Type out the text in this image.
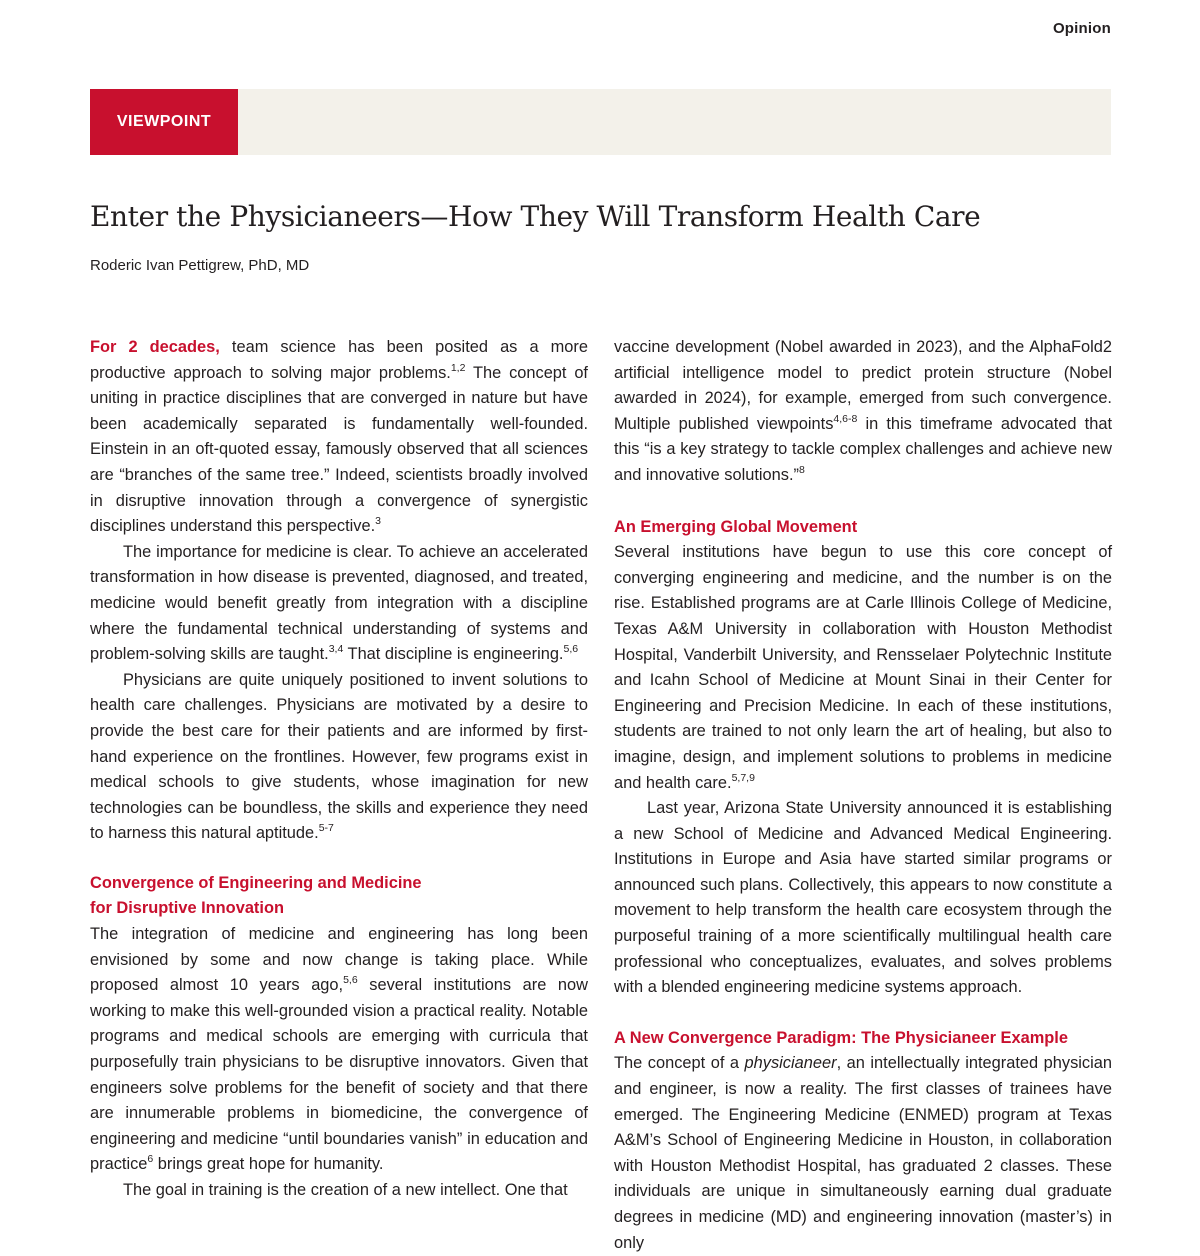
Opinion
VIEWPOINT
Enter the Physicianeers—How They Will Transform Health Care
Roderic Ivan Pettigrew, PhD, MD

For 2 decades, team science has been posited as a more productive approach to solving major problems.$^{1,2}$ The concept of uniting in practice disciplines that are converged in nature but have been academically separated is fundamentally well-founded. Einstein in an oft-quoted essay, famously observed that all sciences are “branches of the same tree.” Indeed, scientists broadly involved in disruptive innovation through a convergence of synergistic disciplines understand this perspective.$^3$

The importance for medicine is clear. To achieve an accelerated transformation in how disease is prevented, diagnosed, and treated, medicine would benefit greatly from integration with a discipline where the fundamental technical understanding of systems and problem-solving skills are taught.$^{3,4}$ That discipline is engineering.$^{5,6}$

Physicians are quite uniquely positioned to invent solutions to health care challenges. Physicians are motivated by a desire to provide the best care for their patients and are informed by first-hand experience on the frontlines. However, few programs exist in medical schools to give students, whose imagination for new technologies can be boundless, the skills and experience they need to harness this natural aptitude.$^{5-7}$

Convergence of Engineering and Medicine
for Disruptive Innovation

The integration of medicine and engineering has long been envisioned by some and now change is taking place. While proposed almost 10 years ago,$^{5,6}$ several institutions are now working to make this well-grounded vision a practical reality. Notable programs and medical schools are emerging with curricula that purposefully train physicians to be disruptive innovators. Given that engineers solve problems for the benefit of society and that there are innumerable problems in biomedicine, the convergence of engineering and medicine “until boundaries vanish” in education and practice$^6$ brings great hope for humanity.

The goal in training is the creation of a new intellect. One that

vaccine development (Nobel awarded in 2023), and the AlphaFold2 artificial intelligence model to predict protein structure (Nobel awarded in 2024), for example, emerged from such convergence. Multiple published viewpoints$^{4,6-8}$ in this timeframe advocated that this “is a key strategy to tackle complex challenges and achieve new and innovative solutions.”$^8$

An Emerging Global Movement

Several institutions have begun to use this core concept of converging engineering and medicine, and the number is on the rise. Established programs are at Carle Illinois College of Medicine, Texas A&M University in collaboration with Houston Methodist Hospital, Vanderbilt University, and Rensselaer Polytechnic Institute and Icahn School of Medicine at Mount Sinai in their Center for Engineering and Precision Medicine. In each of these institutions, students are trained to not only learn the art of healing, but also to imagine, design, and implement solutions to problems in medicine and health care.$^{5,7,9}$

Last year, Arizona State University announced it is establishing a new School of Medicine and Advanced Medical Engineering. Institutions in Europe and Asia have started similar programs or announced such plans. Collectively, this appears to now constitute a movement to help transform the health care ecosystem through the purposeful training of a more scientifically multilingual health care professional who conceptualizes, evaluates, and solves problems with a blended engineering medicine systems approach.

A New Convergence Paradigm: The Physicianeer Example

The concept of a physicianeer, an intellectually integrated physician and engineer, is now a reality. The first classes of trainees have emerged. The Engineering Medicine (ENMED) program at Texas A&M’s School of Engineering Medicine in Houston, in collaboration with Houston Methodist Hospital, has graduated 2 classes. These individuals are unique in simultaneously earning dual graduate degrees in medicine (MD) and engineering innovation (master’s) in only
